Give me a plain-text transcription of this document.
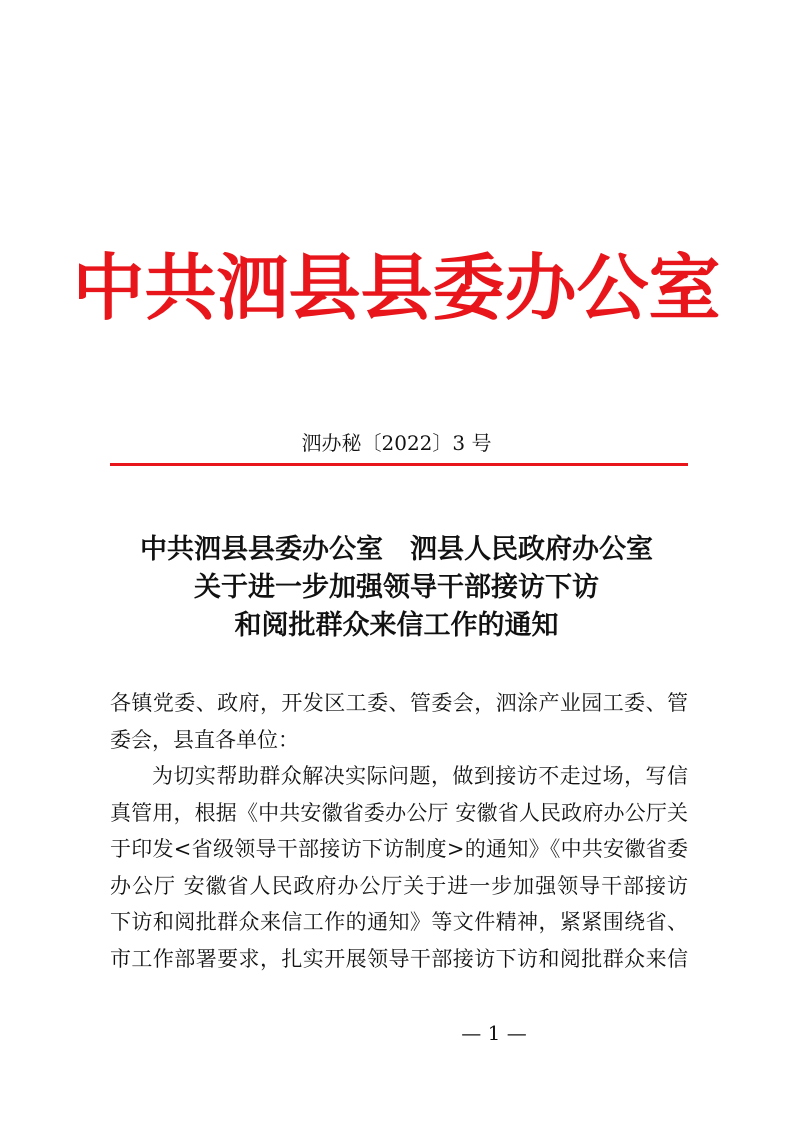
中共泗县县委办公室
泗办秘〔2022〕3 号
中共泗县县委办公室　泗县人民政府办公室
关于进一步加强领导干部接访下访
和阅批群众来信工作的通知
各镇党委、政府，开发区工委、管委会，泗涂产业园工委、管
委会，县直各单位：
为切实帮助群众解决实际问题，做到接访不走过场，写信
真管用，根据《中共安徽省委办公厅 安徽省人民政府办公厅关
于印发<省级领导干部接访下访制度>的通知》《中共安徽省委
办公厅 安徽省人民政府办公厅关于进一步加强领导干部接访
下访和阅批群众来信工作的通知》等文件精神，紧紧围绕省、
市工作部署要求，扎实开展领导干部接访下访和阅批群众来信
— 1 —
